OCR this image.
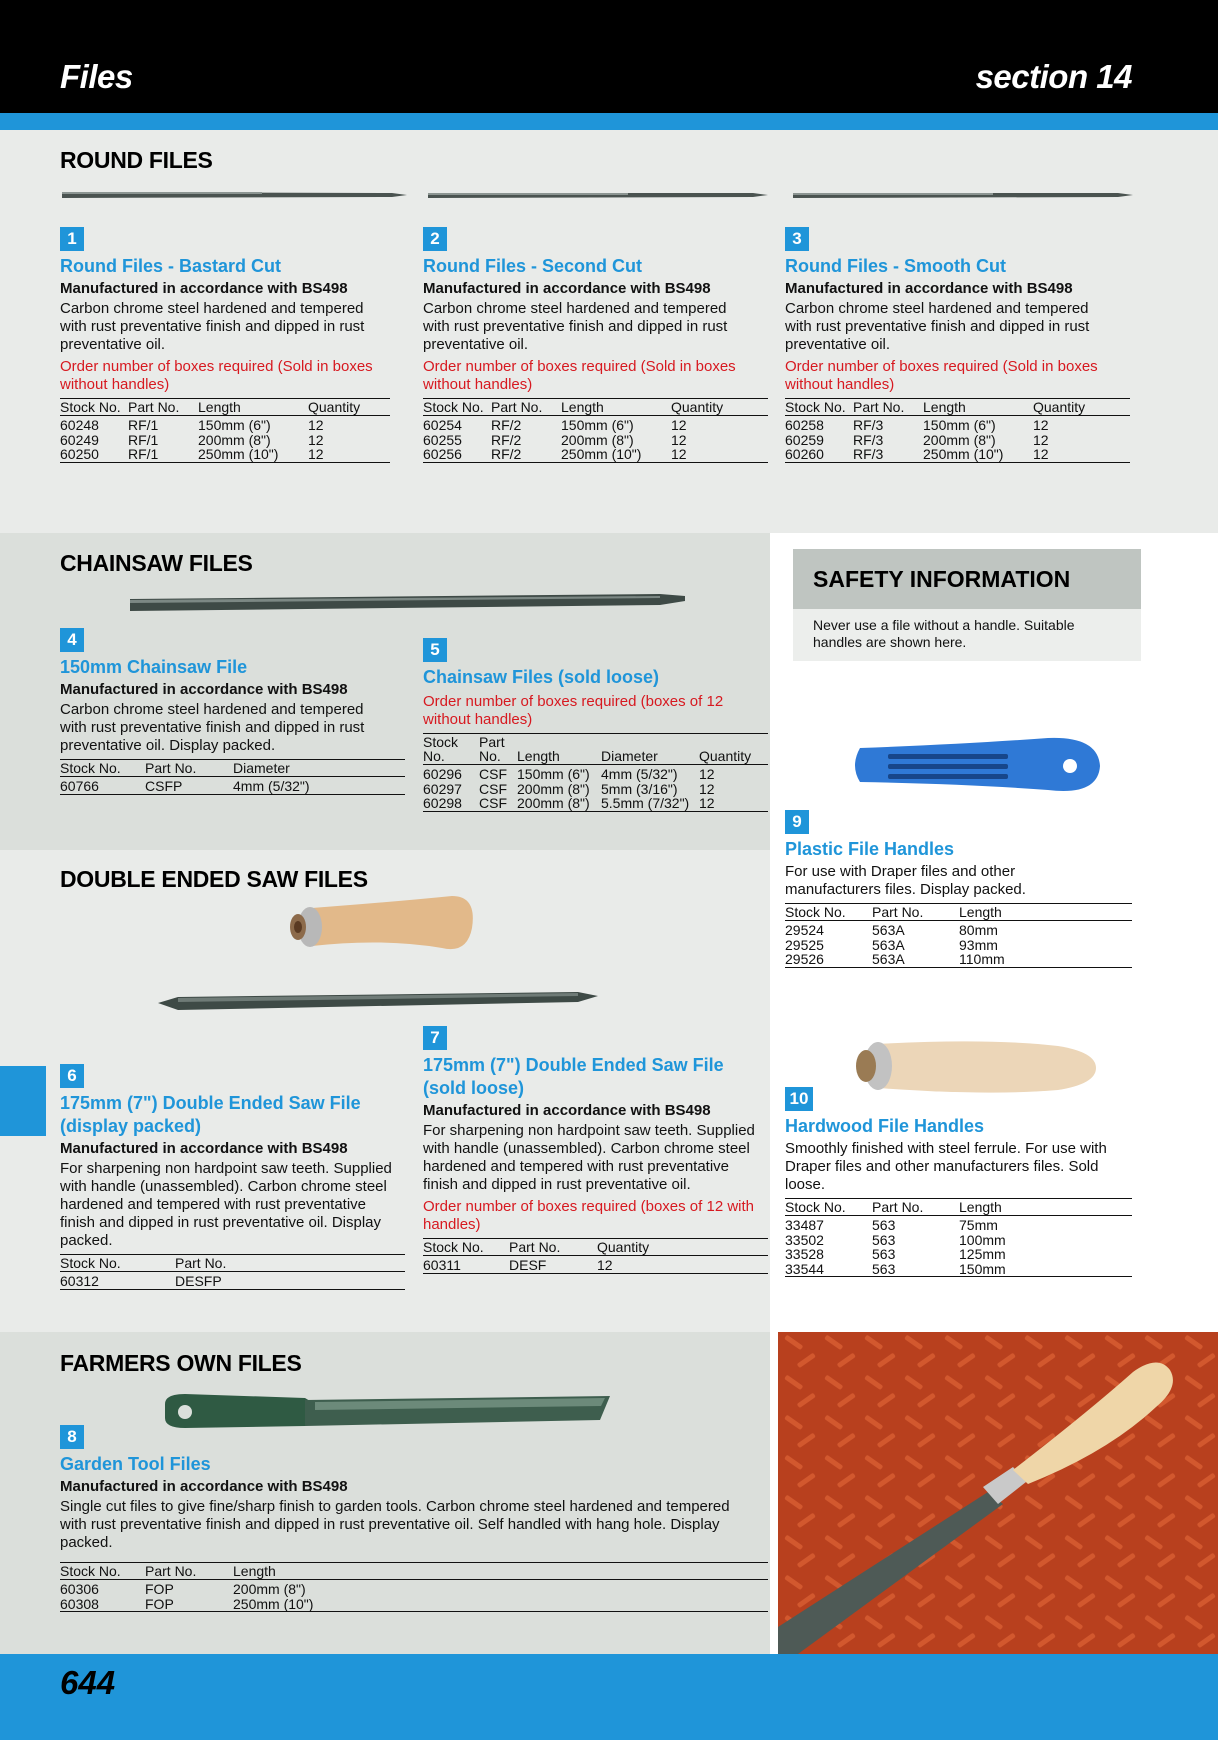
Files	section 14
ROUND FILES
CHAINSAW FILES
DOUBLE ENDED SAW FILES
FARMERS OWN FILES
SAFETY INFORMATION
Never use a file without a handle. Suitable handles are shown here.
1
Round Files - Bastard Cut
Manufactured in accordance with BS498
Carbon chrome steel hardened and tempered with rust preventative finish and dipped in rust preventative oil.
Order number of boxes required (Sold in boxes without handles)
Stock No.	Part No.	Length	Quantity
60248	RF/1	150mm (6")	12
60249	RF/1	200mm (8")	12
60250	RF/1	250mm (10")	12
2
Round Files - Second Cut
Manufactured in accordance with BS498
Carbon chrome steel hardened and tempered with rust preventative finish and dipped in rust preventative oil.
Order number of boxes required (Sold in boxes without handles)
Stock No.	Part No.	Length	Quantity
60254	RF/2	150mm (6")	12
60255	RF/2	200mm (8")	12
60256	RF/2	250mm (10")	12
3
Round Files - Smooth Cut
Manufactured in accordance with BS498
Carbon chrome steel hardened and tempered with rust preventative finish and dipped in rust preventative oil.
Order number of boxes required (Sold in boxes without handles)
Stock No.	Part No.	Length	Quantity
60258	RF/3	150mm (6")	12
60259	RF/3	200mm (8")	12
60260	RF/3	250mm (10")	12
4
150mm Chainsaw File
Manufactured in accordance with BS498
Carbon chrome steel hardened and tempered with rust preventative finish and dipped in rust preventative oil. Display packed.
Stock No.	Part No.	Diameter
60766	CSFP	4mm (5/32")
5
Chainsaw Files (sold loose)
Order number of boxes required (boxes of 12 without handles)
Stock No.	Part No.	Length	Diameter	Quantity
60296	CSF	150mm (6")	4mm (5/32")	12
60297	CSF	200mm (8")	5mm (3/16")	12
60298	CSF	200mm (8")	5.5mm (7/32")	12
6
175mm (7") Double Ended Saw File (display packed)
Manufactured in accordance with BS498
For sharpening non hardpoint saw teeth. Supplied with handle (unassembled). Carbon chrome steel hardened and tempered with rust preventative finish and dipped in rust preventative oil. Display packed.
Stock No.	Part No.
60312	DESFP
7
175mm (7") Double Ended Saw File (sold loose)
Manufactured in accordance with BS498
For sharpening non hardpoint saw teeth. Supplied with handle (unassembled). Carbon chrome steel hardened and tempered with rust preventative finish and dipped in rust preventative oil.
Order number of boxes required (boxes of 12 with handles)
Stock No.	Part No.	Quantity
60311	DESF	12
8
Garden Tool Files
Manufactured in accordance with BS498
Single cut files to give fine/sharp finish to garden tools. Carbon chrome steel hardened and tempered with rust preventative finish and dipped in rust preventative oil. Self handled with hang hole. Display packed.
Stock No.	Part No.	Length
60306	FOP	200mm (8")
60308	FOP	250mm (10")
9
Plastic File Handles
For use with Draper files and other manufacturers files. Display packed.
Stock No.	Part No.	Length
29524	563A	80mm
29525	563A	93mm
29526	563A	110mm
10
Hardwood File Handles
Smoothly finished with steel ferrule. For use with Draper files and other manufacturers files. Sold loose.
Stock No.	Part No.	Length
33487	563	75mm
33502	563	100mm
33528	563	125mm
33544	563	150mm
644
